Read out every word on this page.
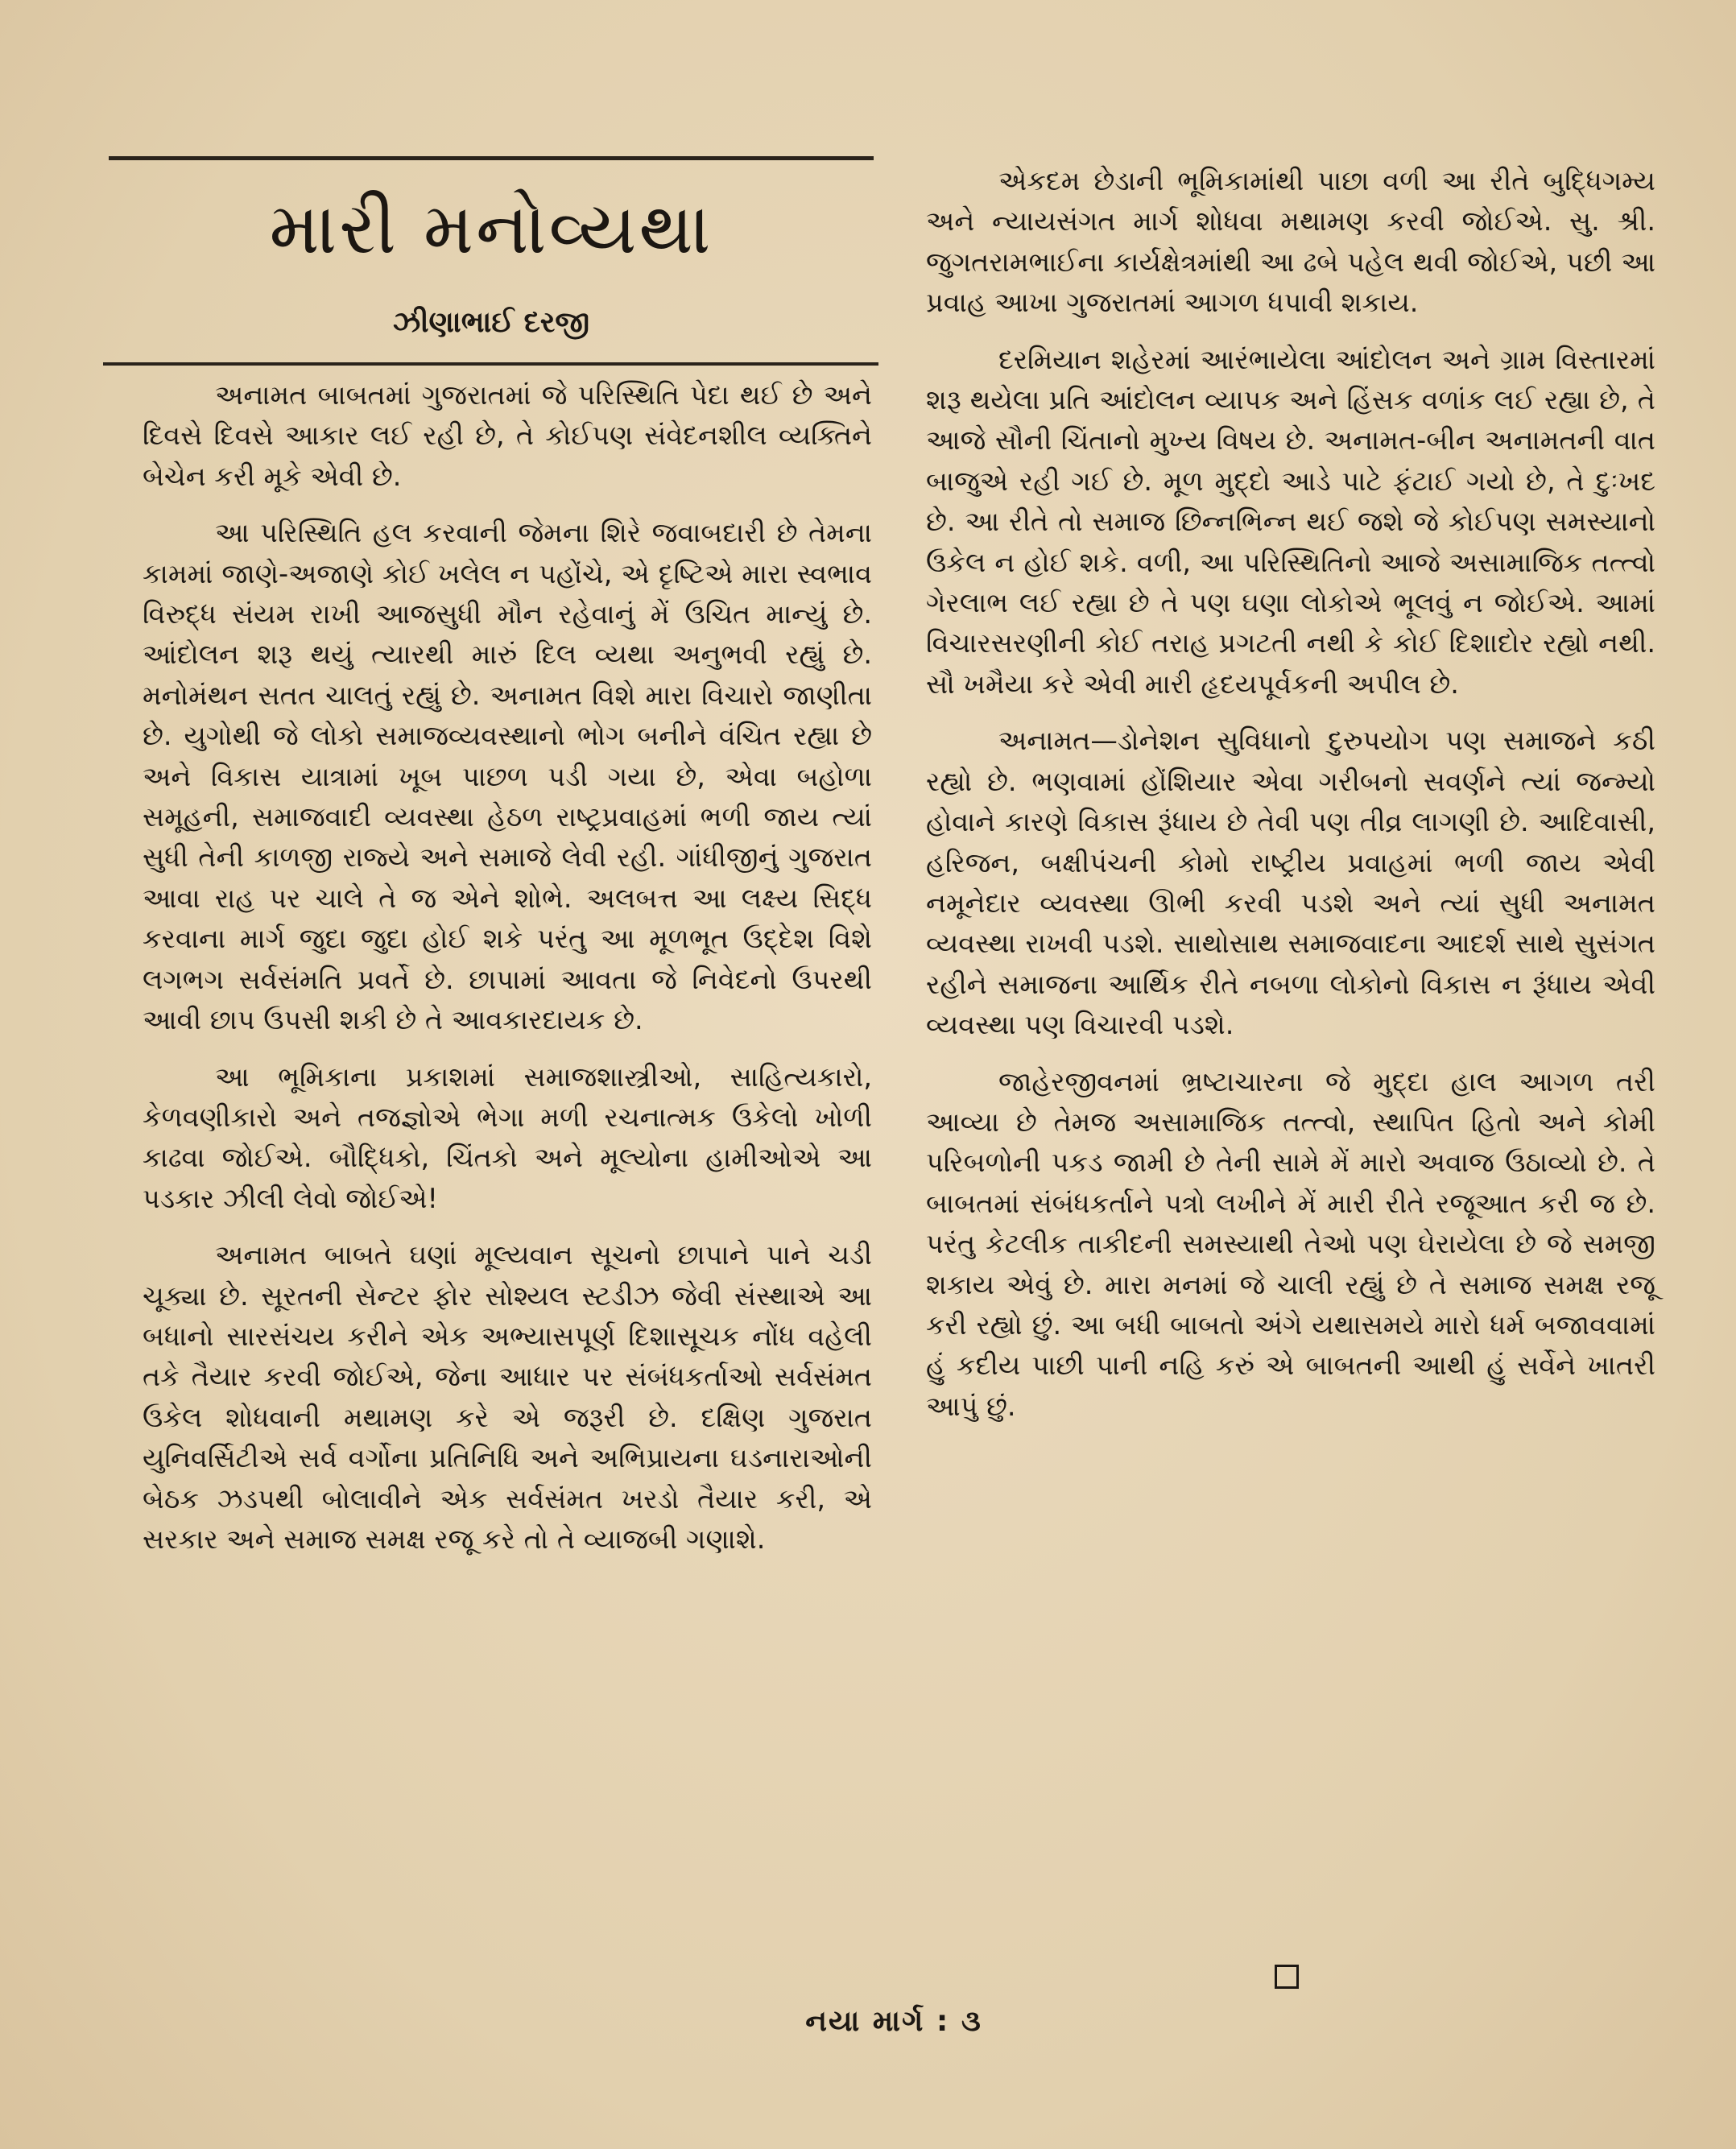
મારી મનોવ્યથા
ઝીણાભાઈ દરજી

અનામત બાબતમાં ગુજરાતમાં જે પરિસ્થિતિ પેદા થઈ છે અને દિવસે દિવસે આકાર લઈ રહી છે, તે કોઈપણ સંવેદનશીલ વ્યક્તિને બેચેન કરી મૂકે એવી છે.

આ પરિસ્થિતિ હલ કરવાની જેમના શિરે જવાબદારી છે તેમના કામમાં જાણે-અજાણે કોઈ ખલેલ ન પહોંચે, એ દૃષ્ટિએ મારા સ્વભાવ વિરુદ્ધ સંયમ રાખી આજસુધી મૌન રહેવાનું મેં ઉચિત માન્યું છે. આંદોલન શરૂ થયું ત્યારથી મારું દિલ વ્યથા અનુભવી રહ્યું છે. મનોમંથન સતત ચાલતું રહ્યું છે. અનામત વિશે મારા વિચારો જાણીતા છે. યુગોથી જે લોકો સમાજવ્યવસ્થાનો ભોગ બનીને વંચિત રહ્યા છે અને વિકાસ યાત્રામાં ખૂબ પાછળ પડી ગયા છે, એવા બહોળા સમૂહની, સમાજવાદી વ્યવસ્થા હેઠળ રાષ્ટ્રપ્રવાહમાં ભળી જાય ત્યાં સુધી તેની કાળજી રાજ્યે અને સમાજે લેવી રહી. ગાંધીજીનું ગુજરાત આવા રાહ પર ચાલે તે જ એને શોભે. અલબત્ત આ લક્ષ્ય સિદ્ધ કરવાના માર્ગ જુદા જુદા હોઈ શકે પરંતુ આ મૂળભૂત ઉદ્દેશ વિશે લગભગ સર્વસંમતિ પ્રવર્તે છે. છાપામાં આવતા જે નિવેદનો ઉપરથી આવી છાપ ઉપસી શકી છે તે આવકારદાયક છે.

આ ભૂમિકાના પ્રકાશમાં સમાજશાસ્ત્રીઓ, સાહિત્યકારો, કેળવણીકારો અને તજજ્ઞોએ ભેગા મળી રચનાત્મક ઉકેલો ખોળી કાઢવા જોઈએ. બૌદ્ધિકો, ચિંતકો અને મૂલ્યોના હામીઓએ આ પડકાર ઝીલી લેવો જોઈએ!

અનામત બાબતે ઘણાં મૂલ્યવાન સૂચનો છાપાને પાને ચડી ચૂક્યા છે. સૂરતની સેન્ટર ફોર સોશ્યલ સ્ટડીઝ જેવી સંસ્થાએ આ બધાનો સારસંચય કરીને એક અભ્યાસપૂર્ણ દિશાસૂચક નોંધ વહેલી તકે તૈયાર કરવી જોઈએ, જેના આધાર પર સંબંધકર્તાઓ સર્વસંમત ઉકેલ શોધવાની મથામણ કરે એ જરૂરી છે. દક્ષિણ ગુજરાત યુનિવર્સિટીએ સર્વ વર્ગોના પ્રતિનિધિ અને અભિપ્રાયના ઘડનારાઓની બેઠક ઝડપથી બોલાવીને એક સર્વસંમત ખરડો તૈયાર કરી, એ સરકાર અને સમાજ સમક્ષ રજૂ કરે તો તે વ્યાજબી ગણાશે.

એકદમ છેડાની ભૂમિકામાંથી પાછા વળી આ રીતે બુદ્ધિગમ્ય અને ન્યાયસંગત માર્ગ શોધવા મથામણ કરવી જોઈએ. સુ. શ્રી. જુગતરામભાઈના કાર્યક્ષેત્રમાંથી આ ઢબે પહેલ થવી જોઈએ, પછી આ પ્રવાહ આખા ગુજરાતમાં આગળ ધપાવી શકાય.

દરમિયાન શહેરમાં આરંભાયેલા આંદોલન અને ગ્રામ વિસ્તારમાં શરૂ થયેલા પ્રતિ આંદોલન વ્યાપક અને હિંસક વળાંક લઈ રહ્યા છે, તે આજે સૌની ચિંતાનો મુખ્ય વિષય છે. અનામત-બીન અનામતની વાત બાજુએ રહી ગઈ છે. મૂળ મુદ્દો આડે પાટે ફંટાઈ ગયો છે, તે દુઃખદ છે. આ રીતે તો સમાજ છિન્નભિન્ન થઈ જશે જે કોઈપણ સમસ્યાનો ઉકેલ ન હોઈ શકે. વળી, આ પરિસ્થિતિનો આજે અસામાજિક તત્ત્વો ગેરલાભ લઈ રહ્યા છે તે પણ ઘણા લોકોએ ભૂલવું ન જોઈએ. આમાં વિચારસરણીની કોઈ તરાહ પ્રગટતી નથી કે કોઈ દિશાદોર રહ્યો નથી. સૌ ખમૈયા કરે એવી મારી હૃદયપૂર્વકની અપીલ છે.

અનામત—ડોનેશન સુવિધાનો દુરુપયોગ પણ સમાજને કઠી રહ્યો છે. ભણવામાં હોંશિયાર એવા ગરીબનો સવર્ણને ત્યાં જન્મ્યો હોવાને કારણે વિકાસ રૂંધાય છે તેવી પણ તીવ્ર લાગણી છે. આદિવાસી, હરિજન, બક્ષીપંચની કોમો રાષ્ટ્રીય પ્રવાહમાં ભળી જાય એવી નમૂનેદાર વ્યવસ્થા ઊભી કરવી પડશે અને ત્યાં સુધી અનામત વ્યવસ્થા રાખવી પડશે. સાથોસાથ સમાજવાદના આદર્શ સાથે સુસંગત રહીને સમાજના આર્થિક રીતે નબળા લોકોનો વિકાસ ન રૂંધાય એવી વ્યવસ્થા પણ વિચારવી પડશે.

જાહેરજીવનમાં ભ્રષ્ટાચારના જે મુદ્દા હાલ આગળ તરી આવ્યા છે તેમજ અસામાજિક તત્ત્વો, સ્થાપિત હિતો અને કોમી પરિબળોની પકડ જામી છે તેની સામે મેં મારો અવાજ ઉઠાવ્યો છે. તે બાબતમાં સંબંધકર્તાને પત્રો લખીને મેં મારી રીતે રજૂઆત કરી જ છે. પરંતુ કેટલીક તાકીદની સમસ્યાથી તેઓ પણ ઘેરાયેલા છે જે સમજી શકાય એવું છે. મારા મનમાં જે ચાલી રહ્યું છે તે સમાજ સમક્ષ રજૂ કરી રહ્યો છું. આ બધી બાબતો અંગે યથાસમયે મારો ધર્મ બજાવવામાં હું કદીય પાછી પાની નહિ કરું એ બાબતની આથી હું સર્વેને ખાતરી આપું છું.

નયા માર્ગ : ૩
